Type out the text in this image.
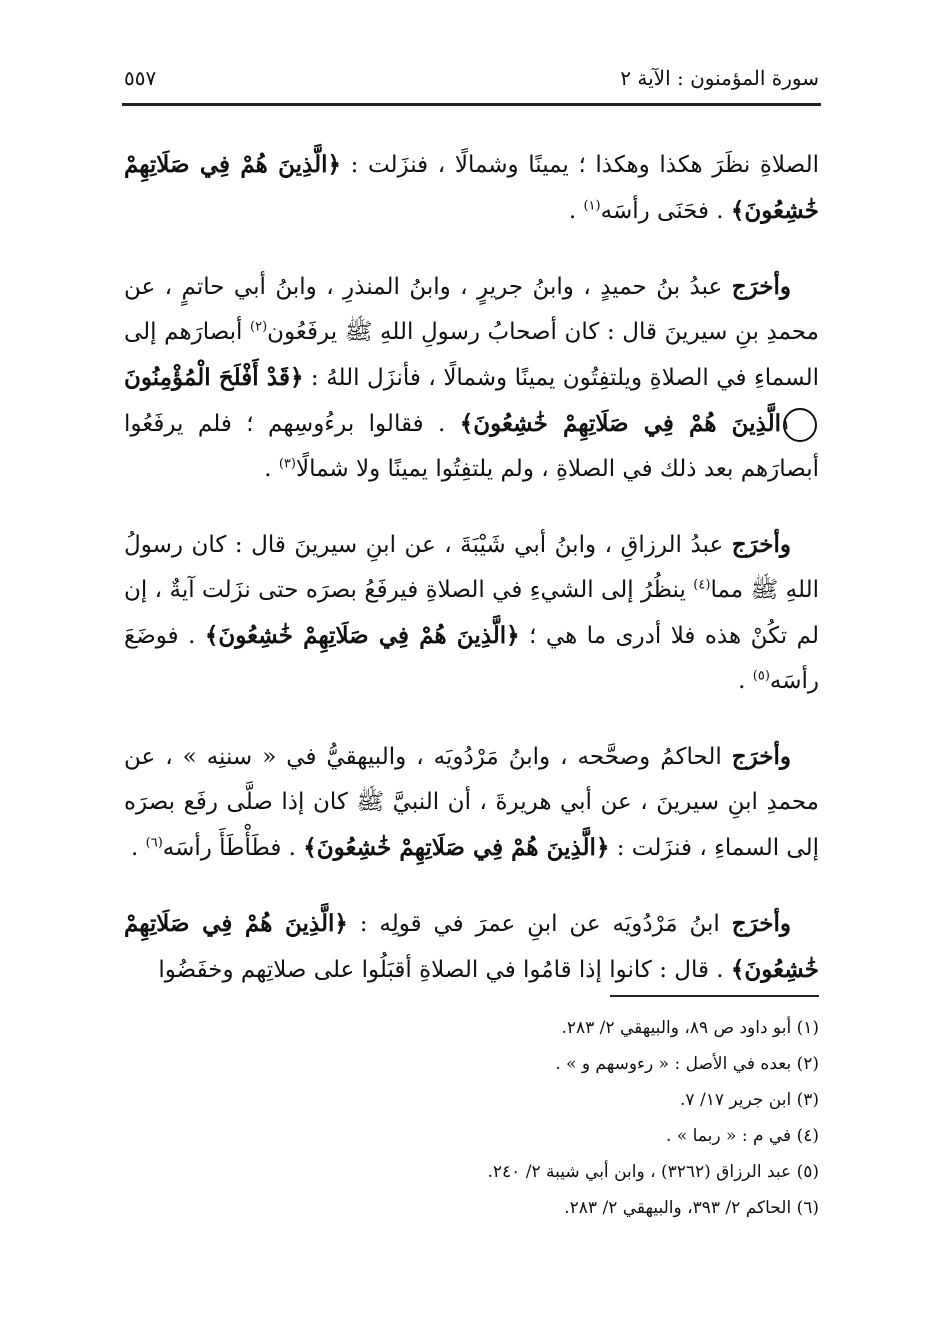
سورة المؤمنون : الآية ٢
٥٥٧

الصلاةِ نظَرَ هكذا وهكذا ؛ يمينًا وشمالًا ، فنزَلت : ﴿الَّذِينَ هُمْ فِي صَلَاتِهِمْ خَٰشِعُونَ﴾ . فحَنَى رأسَه$^{(١)}$ .

وأخرَج عبدُ بنُ حميدٍ ، وابنُ جريرٍ ، وابنُ المنذرِ ، وابنُ أبي حاتمٍ ، عن محمدِ بنِ سيرينَ قال : كان أصحابُ رسولِ اللهِ ﷺ يرفَعُون$^{(٢)}$ أبصارَهم إلى السماءِ في الصلاةِ ويلتفِتُون يمينًا وشمالًا ، فأنزَل اللهُ : ﴿قَدْ أَفْلَحَ الْمُؤْمِنُونَ١الَّذِينَ هُمْ فِي صَلَاتِهِمْ خَٰشِعُونَ﴾ . فقالوا برءُوسِهم ؛ فلم يرفَعُوا أبصارَهم بعد ذلك في الصلاةِ ، ولم يلتفِتُوا يمينًا ولا شمالًا$^{(٣)}$ .

وأخرَج عبدُ الرزاقِ ، وابنُ أبي شَيْبَةَ ، عن ابنِ سيرينَ قال : كان رسولُ اللهِ ﷺ مما$^{(٤)}$ ينظُرُ إلى الشيءِ في الصلاةِ فيرفَعُ بصرَه حتى نزَلت آيةٌ ، إن لم تكُنْ هذه فلا أدرى ما هي ؛ ﴿الَّذِينَ هُمْ فِي صَلَاتِهِمْ خَٰشِعُونَ﴾ . فوضَعَ رأسَه$^{(٥)}$ .

وأخرَج الحاكمُ وصحَّحه ، وابنُ مَرْدُويَه ، والبيهقيُّ في « سننِه » ، عن محمدِ ابنِ سيرينَ ، عن أبي هريرةَ ، أن النبيَّ ﷺ كان إذا صلَّى رفَع بصرَه إلى السماءِ ، فنزَلت : ﴿الَّذِينَ هُمْ فِي صَلَاتِهِمْ خَٰشِعُونَ﴾ . فطَأْطَأَ رأسَه$^{(٦)}$ .

وأخرَج ابنُ مَرْدُويَه عن ابنِ عمرَ في قولِه : ﴿الَّذِينَ هُمْ فِي صَلَاتِهِمْ خَٰشِعُونَ﴾ . قال : كانوا إذا قامُوا في الصلاةِ أقبَلُوا على صلاتِهم وخفَضُوا

(١) أبو داود ص ٨٩، والبيهقي ٢/ ٢٨٣.
(٢) بعده في الأصل : « رءوسهم و » .
(٣) ابن جرير ١٧/ ٧.
(٤) في م : « ربما » .
(٥) عبد الرزاق (٣٢٦٢) ، وابن أبي شيبة ٢/ ٢٤٠.
(٦) الحاكم ٢/ ٣٩٣، والبيهقي ٢/ ٢٨٣.
